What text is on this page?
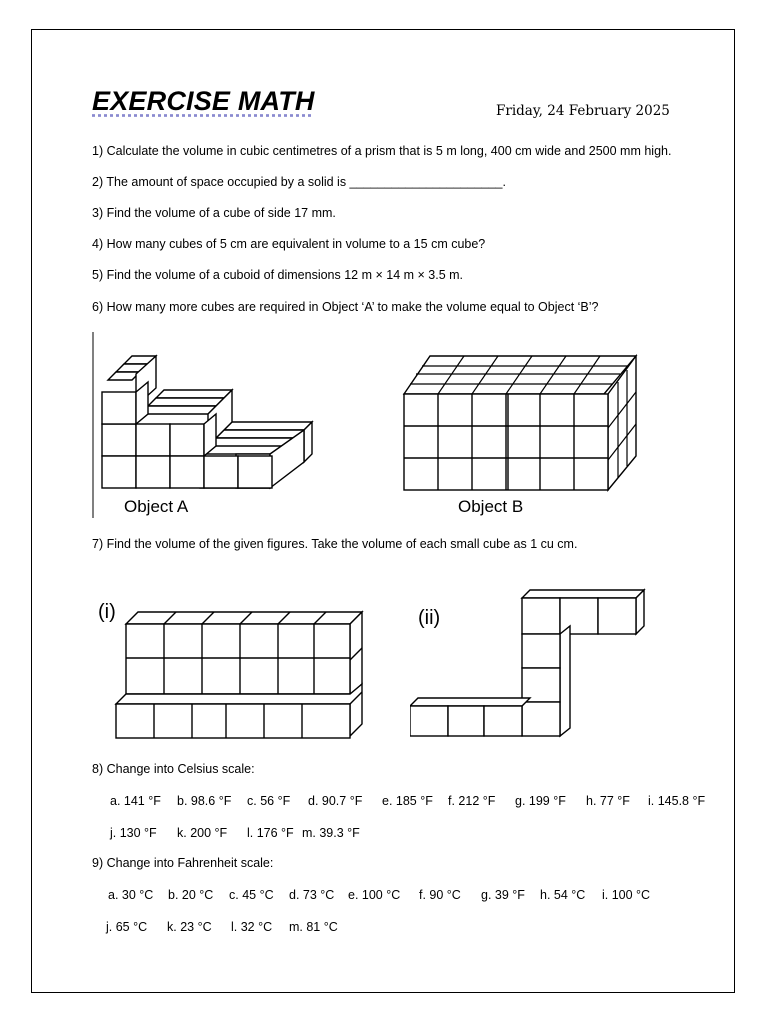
EXERCISE MATH	Friday, 24 February 2025
1) Calculate the volume in cubic centimetres of a prism that is 5 m long, 400 cm wide and 2500 mm high.
2) The amount of space occupied by a solid is ______________________.
3) Find the volume of a cube of side 17 mm.
4) How many cubes of 5 cm are equivalent in volume to a 15 cm cube?
5) Find the volume of a cuboid of dimensions 12 m × 14 m × 3.5 m.
6) How many more cubes are required in Object ‘A’ to make the volume equal to Object ‘B’?
Object A	Object B
7) Find the volume of the given figures. Take the volume of each small cube as 1 cu cm.
(i)	(ii)
8) Change into Celsius scale:
a. 141 °F b. 98.6 °F c. 56 °F d. 90.7 °F e. 185 °F f. 212 °F g. 199 °F h. 77 °F i. 145.8 °F
j. 130 °F k. 200 °F l. 176 °F m. 39.3 °F
9) Change into Fahrenheit scale:
a. 30 °C b. 20 °C c. 45 °C d. 73 °C e. 100 °C f. 90 °C g. 39 °F h. 54 °C i. 100 °C
j. 65 °C k. 23 °C l. 32 °C m. 81 °C
